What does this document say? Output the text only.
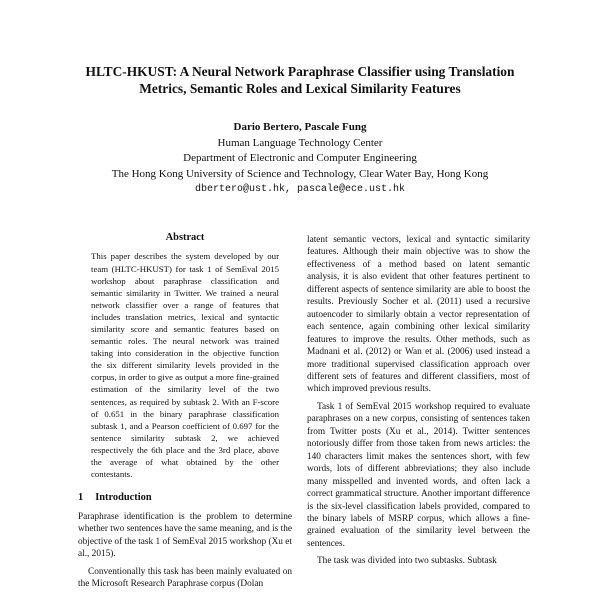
HLTC-HKUST: A Neural Network Paraphrase Classifier using Translation
Metrics, Semantic Roles and Lexical Similarity Features
Dario Bertero, Pascale Fung
Human Language Technology Center
Department of Electronic and Computer Engineering
The Hong Kong University of Science and Technology, Clear Water Bay, Hong Kong
dbertero@ust.hk, pascale@ece.ust.hk
Abstract

This paper describes the system developed by our team (HLTC-HKUST) for task 1 of SemEval 2015 workshop about paraphrase classification and semantic similarity in Twitter. We trained a neural network classifier over a range of features that includes translation metrics, lexical and syntactic similarity score and semantic features based on semantic roles. The neural network was trained taking into consideration in the objective function the six different similarity levels provided in the corpus, in order to give as output a more fine-grained estimation of the similarity level of the two sentences, as required by subtask 2. With an F-score of 0.651 in the binary paraphrase classification subtask 1, and a Pearson coefficient of 0.697 for the sentence similarity subtask 2, we achieved respectively the 6th place and the 3rd place, above the average of what obtained by the other contestants.

1 Introduction

Paraphrase identification is the problem to determine whether two sentences have the same meaning, and is the objective of the task 1 of SemEval 2015 workshop (Xu et al., 2015).

Conventionally this task has been mainly evaluated on the Microsoft Research Paraphrase corpus (Dolan

latent semantic vectors, lexical and syntactic similarity features. Although their main objective was to show the effectiveness of a method based on latent semantic analysis, it is also evident that other features pertinent to different aspects of sentence similarity are able to boost the results. Previously Socher et al. (2011) used a recursive autoencoder to similarly obtain a vector representation of each sentence, again combining other lexical similarity features to improve the results. Other methods, such as Madnani et al. (2012) or Wan et al. (2006) used instead a more traditional supervised classification approach over different sets of features and different classifiers, most of which improved previous results.

Task 1 of SemEval 2015 workshop required to evaluate paraphrases on a new corpus, consisting of sentences taken from Twitter posts (Xu et al., 2014). Twitter sentences notoriously differ from those taken from news articles: the 140 characters limit makes the sentences short, with few words, lots of different abbreviations; they also include many misspelled and invented words, and often lack a correct grammatical structure. Another important difference is the six-level classification labels provided, compared to the binary labels of MSRP corpus, which allows a fine-grained evaluation of the similarity level between the sentences.

The task was divided into two subtasks. Subtask
